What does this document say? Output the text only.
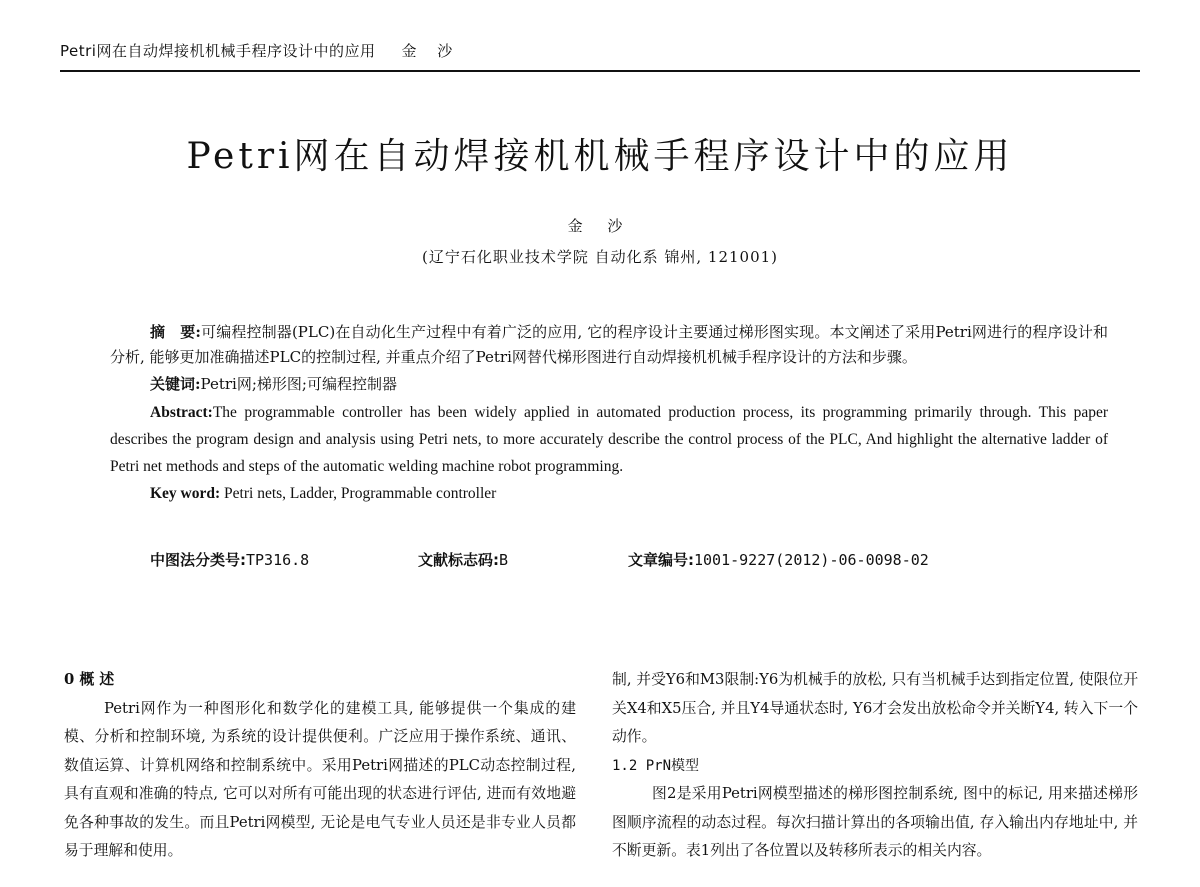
Petri网在自动焊接机机械手程序设计中的应用 金 沙
Petri网在自动焊接机机械手程序设计中的应用
金 沙
(辽宁石化职业技术学院 自动化系 锦州, 121001)

摘　要:可编程控制器(PLC)在自动化生产过程中有着广泛的应用, 它的程序设计主要通过梯形图实现。本文阐述了采用Petri网进行的程序设计和分析, 能够更加准确描述PLC的控制过程, 并重点介绍了Petri网替代梯形图进行自动焊接机机械手程序设计的方法和步骤。

关键词:Petri网;梯形图;可编程控制器

Abstract:The programmable controller has been widely applied in automated production process, its programming primarily through. This paper describes the program design and analysis using Petri nets, to more accurately describe the control process of the PLC, And highlight the alternative ladder of Petri net methods and steps of the automatic welding machine robot programming.

Key word: Petri nets, Ladder, Programmable controller

中图法分类号:TP316.8	文献标志码:B	文章编号:1001-9227(2012)-06-0098-02

0 概 述

Petri网作为一种图形化和数学化的建模工具, 能够提供一个集成的建模、分析和控制环境, 为系统的设计提供便利。广泛应用于操作系统、通讯、数值运算、计算机网络和控制系统中。采用Petri网描述的PLC动态控制过程, 具有直观和准确的特点, 它可以对所有可能出现的状态进行评估, 进而有效地避免各种事故的发生。而且Petri网模型, 无论是电气专业人员还是非专业人员都易于理解和使用。

制, 并受Y6和M3限制:Y6为机械手的放松, 只有当机械手达到指定位置, 使限位开关X4和X5压合, 并且Y4导通状态时, Y6才会发出放松命令并关断Y4, 转入下一个动作。

1.2 PrN模型

图2是采用Petri网模型描述的梯形图控制系统, 图中的标记, 用来描述梯形图顺序流程的动态过程。每次扫描计算出的各项输出值, 存入输出内存地址中, 并不断更新。表1列出了各位置以及转移所表示的相关内容。
